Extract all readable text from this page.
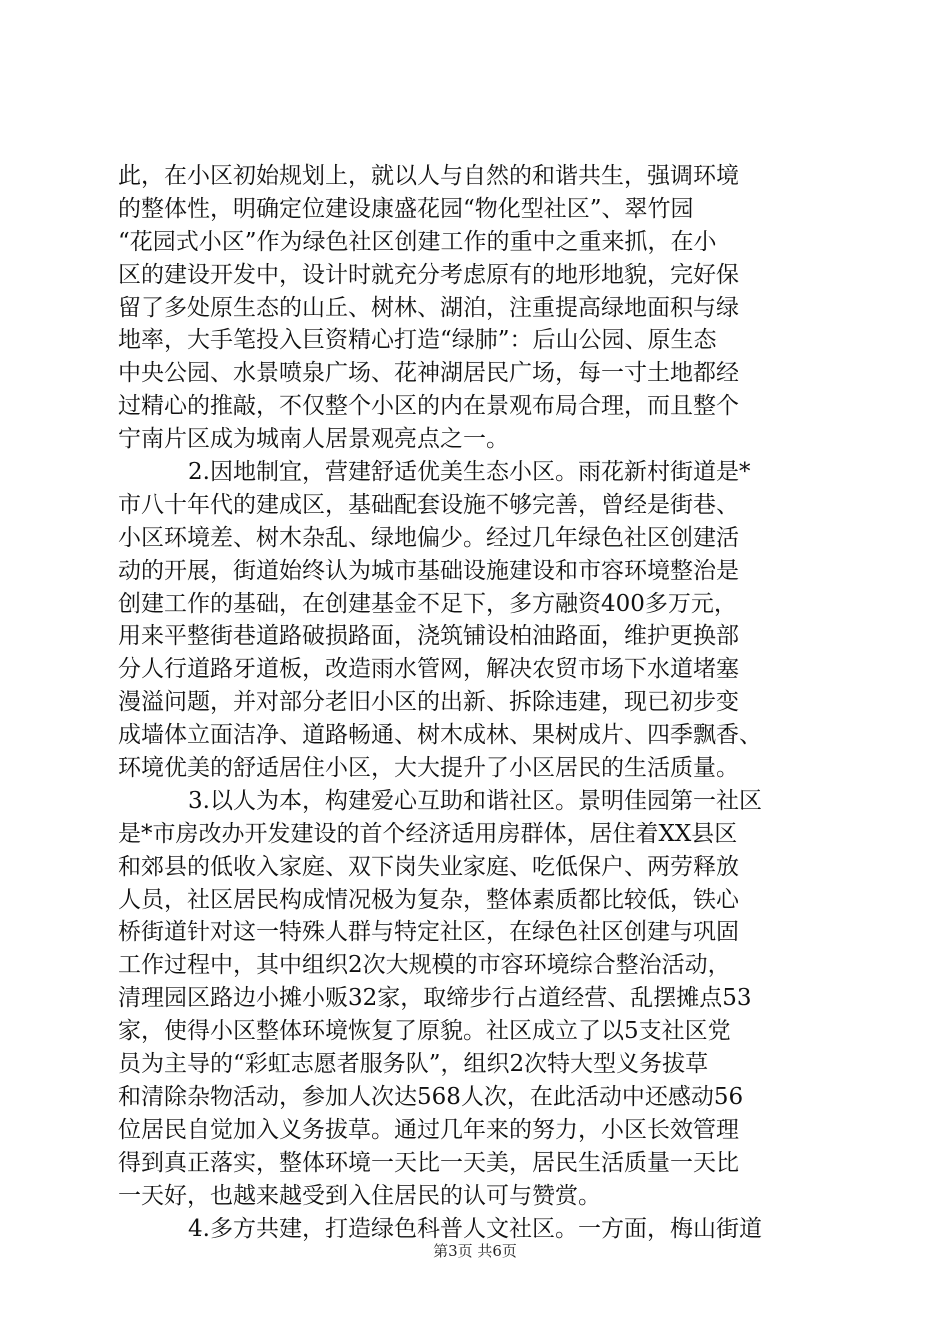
此，在小区初始规划上，就以人与自然的和谐共生，强调环境
的整体性，明确定位建设康盛花园“物化型社区”、翠竹园
“花园式小区”作为绿色社区创建工作的重中之重来抓，在小
区的建设开发中，设计时就充分考虑原有的地形地貌，完好保
留了多处原生态的山丘、树林、湖泊，注重提高绿地面积与绿
地率，大手笔投入巨资精心打造“绿肺”：后山公园、原生态
中央公园、水景喷泉广场、花神湖居民广场，每一寸土地都经
过精心的推敲，不仅整个小区的内在景观布局合理，而且整个
宁南片区成为城南人居景观亮点之一。
2.因地制宜，营建舒适优美生态小区。雨花新村街道是*
市八十年代的建成区，基础配套设施不够完善，曾经是街巷、
小区环境差、树木杂乱、绿地偏少。经过几年绿色社区创建活
动的开展，街道始终认为城市基础设施建设和市容环境整治是
创建工作的基础，在创建基金不足下，多方融资400多万元，
用来平整街巷道路破损路面，浇筑铺设柏油路面，维护更换部
分人行道路牙道板，改造雨水管网，解决农贸市场下水道堵塞
漫溢问题，并对部分老旧小区的出新、拆除违建，现已初步变
成墙体立面洁净、道路畅通、树木成林、果树成片、四季飘香、
环境优美的舒适居住小区，大大提升了小区居民的生活质量。
3.以人为本，构建爱心互助和谐社区。景明佳园第一社区
是*市房改办开发建设的首个经济适用房群体，居住着XX县区
和郊县的低收入家庭、双下岗失业家庭、吃低保户、两劳释放
人员，社区居民构成情况极为复杂，整体素质都比较低，铁心
桥街道针对这一特殊人群与特定社区，在绿色社区创建与巩固
工作过程中，其中组织2次大规模的市容环境综合整治活动，
清理园区路边小摊小贩32家，取缔步行占道经营、乱摆摊点53
家，使得小区整体环境恢复了原貌。社区成立了以5支社区党
员为主导的“彩虹志愿者服务队”，组织2次特大型义务拔草
和清除杂物活动，参加人次达568人次，在此活动中还感动56
位居民自觉加入义务拔草。通过几年来的努力，小区长效管理
得到真正落实，整体环境一天比一天美，居民生活质量一天比
一天好，也越来越受到入住居民的认可与赞赏。
4.多方共建，打造绿色科普人文社区。一方面，梅山街道
第3页 共6页
